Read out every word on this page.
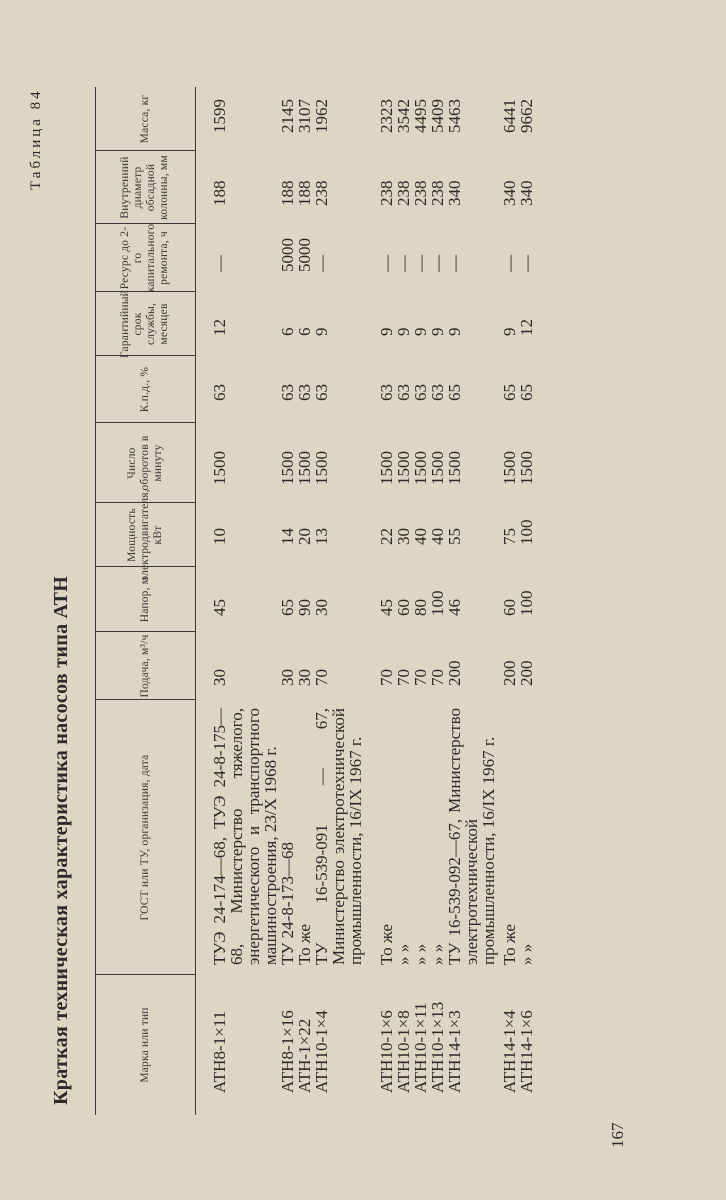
Таблица 84
Краткая техническая характеристика насосов типа АТН	Марка или тип
ГОСТ или ТУ, организация, дата
Подача, м³/ч
Напор, м
Мощность электродвигателя, кВт
Число оборотов в минуту
К.п.д., %
Гарантийный срок службы, месяцев
Ресурс до 2-го капитального ремонта, ч
Внутренний диаметр обсадной колонны, мм
Масса, кг
АТН8-1×11
ТУЭ 24-174—68, ТУЭ 24-8-175—68, Министерство тяжелого, энергетического и транспортного машиностроения, 23/X 1968 г.
30
45
10
1500
63
12
—
188
1599
АТН8-1×16
ТУ 24-8-173—68
30
65
14
1500
63
6
5000
188
2145
АТН-1×22
То же
30
90
20
1500
63
6
5000
188
3107
АТН10-1×4
ТУ 16-539-091 — 67, Министерство электротехнической промышленности, 16/IX 1967 г.
70
30
13
1500
63
9
—
238
1962
АТН10-1×6
То же
70
45
22
1500
63
9
—
238
2323
АТН10-1×8
» »
70
60
30
1500
63
9
—
238
3542
АТН10-1×11
» »
70
80
40
1500
63
9
—
238
4495
АТН10-1×13
» »
70
100
40
1500
63
9
—
238
5409
АТН14-1×3
ТУ 16-539-092—67, Министерство электротехнической промышленности, 16/IX 1967 г.
200
46
55
1500
65
9
—
340
5463
АТН14-1×4
То же
200
60
75
1500
65
9
—
340
6441
АТН14-1×6
» »
200
100
100
1500
65
12
—
340
9662
167
